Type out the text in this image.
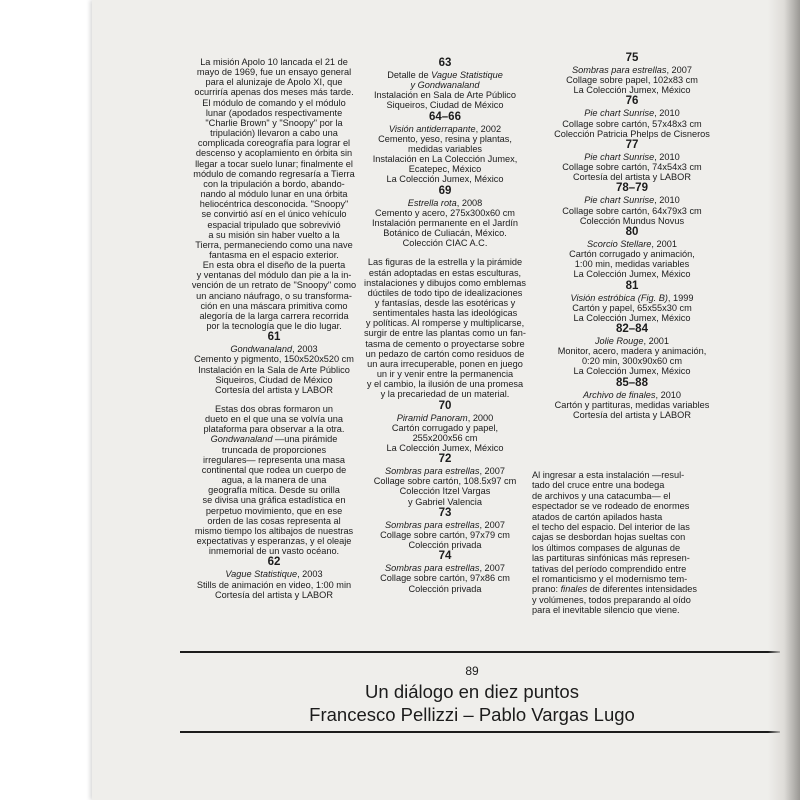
La misión Apolo 10 lancada el 21 de
mayo de 1969, fue un ensayo general
para el alunizaje de Apolo XI, que
ocurriría apenas dos meses más tarde.
El módulo de comando y el módulo
lunar (apodados respectivamente
"Charlie Brown" y "Snoopy" por la
tripulación) llevaron a cabo una
complicada coreografía para lograr el
descenso y acoplamiento en órbita sin
llegar a tocar suelo lunar; finalmente el
módulo de comando regresaría a Tierra
con la tripulación a bordo, abando-
nando al módulo lunar en una órbita
heliocéntrica desconocida. "Snoopy"
se convirtió así en el único vehículo
espacial tripulado que sobrevivió
a su misión sin haber vuelto a la
Tierra, permaneciendo como una nave
fantasma en el espacio exterior.

En esta obra el diseño de la puerta
y ventanas del módulo dan pie a la in-
vención de un retrato de "Snoopy" como
un anciano náufrago, o su transforma-
ción en una máscara primitiva como
alegoría de la larga carrera recorrida
por la tecnología que le dio lugar.

61

Gondwanaland, 2003

Cemento y pigmento, 150x520x520 cm
Instalación en la Sala de Arte Público
Siqueiros, Ciudad de México
Cortesía del artista y LABOR

Estas dos obras formaron un
dueto en el que una se volvía una
plataforma para observar a la otra.
Gondwanaland —una pirámide
truncada de proporciones
irregulares— representa una masa
continental que rodea un cuerpo de
agua, a la manera de una
geografía mítica. Desde su orilla
se divisa una gráfica estadística en
perpetuo movimiento, que en ese
orden de las cosas representa al
mismo tiempo los altibajos de nuestras
expectativas y esperanzas, y el oleaje
inmemorial de un vasto océano.

62

Vague Statistique, 2003

Stills de animación en video, 1:00 min
Cortesía del artista y LABOR

63

Detalle de Vague Statistique

y Gondwanaland

Instalación en Sala de Arte Público
Siqueiros, Ciudad de México

64–66

Visión antiderrapante, 2002

Cemento, yeso, resina y plantas,
medidas variables
Instalación en La Colección Jumex,
Ecatepec, México
La Colección Jumex, México

69

Estrella rota, 2008

Cemento y acero, 275x300x60 cm
Instalación permanente en el Jardín
Botánico de Culiacán, México.
Colección CIAC A.C.

Las figuras de la estrella y la pirámide
están adoptadas en estas esculturas,
instalaciones y dibujos como emblemas
dúctiles de todo tipo de idealizaciones
y fantasías, desde las esotéricas y
sentimentales hasta las ideológicas
y políticas. Al romperse y multiplicarse,
surgir de entre las plantas como un fan-
tasma de cemento o proyectarse sobre
un pedazo de cartón como residuos de
un aura irrecuperable, ponen en juego
un ir y venir entre la permanencia
y el cambio, la ilusión de una promesa
y la precariedad de un material.

70

Piramid Panoram, 2000

Cartón corrugado y papel,
255x200x56 cm
La Colección Jumex, México

72

Sombras para estrellas, 2007

Collage sobre cartón, 108.5x97 cm
Colección Itzel Vargas
y Gabriel Valencia

73

Sombras para estrellas, 2007

Collage sobre cartón, 97x79 cm
Colección privada

74

Sombras para estrellas, 2007

Collage sobre cartón, 97x86 cm
Colección privada

75

Sombras para estrellas, 2007

Collage sobre papel, 102x83 cm
La Colección Jumex, México

76

Pie chart Sunrise, 2010

Collage sobre cartón, 57x48x3 cm
Colección Patricia Phelps de Cisneros

77

Pie chart Sunrise, 2010

Collage sobre cartón, 74x54x3 cm
Cortesía del artista y LABOR

78–79

Pie chart Sunrise, 2010

Collage sobre cartón, 64x79x3 cm
Colección Mundus Novus

80

Scorcio Stellare, 2001

Cartón corrugado y animación,
1:00 min, medidas variables
La Colección Jumex, México

81

Visión estróbica (Fig. B), 1999

Cartón y papel, 65x55x30 cm
La Colección Jumex, México

82–84

Jolie Rouge, 2001

Monitor, acero, madera y animación,
0:20 min, 300x90x60 cm
La Colección Jumex, México

85–88

Archivo de finales, 2010

Cartón y partituras, medidas variables
Cortesía del artista y LABOR

Al ingresar a esta instalación —resul-
tado del cruce entre una bodega
de archivos y una catacumba— el
espectador se ve rodeado de enormes
atados de cartón apilados hasta
el techo del espacio. Del interior de las
cajas se desbordan hojas sueltas con
los últimos compases de algunas de
las partituras sinfónicas más represen-
tativas del período comprendido entre
el romanticismo y el modernismo tem-
prano: finales de diferentes intensidades
y volúmenes, todos preparando al oído
para el inevitable silencio que viene.
89
Un diálogo en diez puntos
Francesco Pellizzi – Pablo Vargas Lugo
